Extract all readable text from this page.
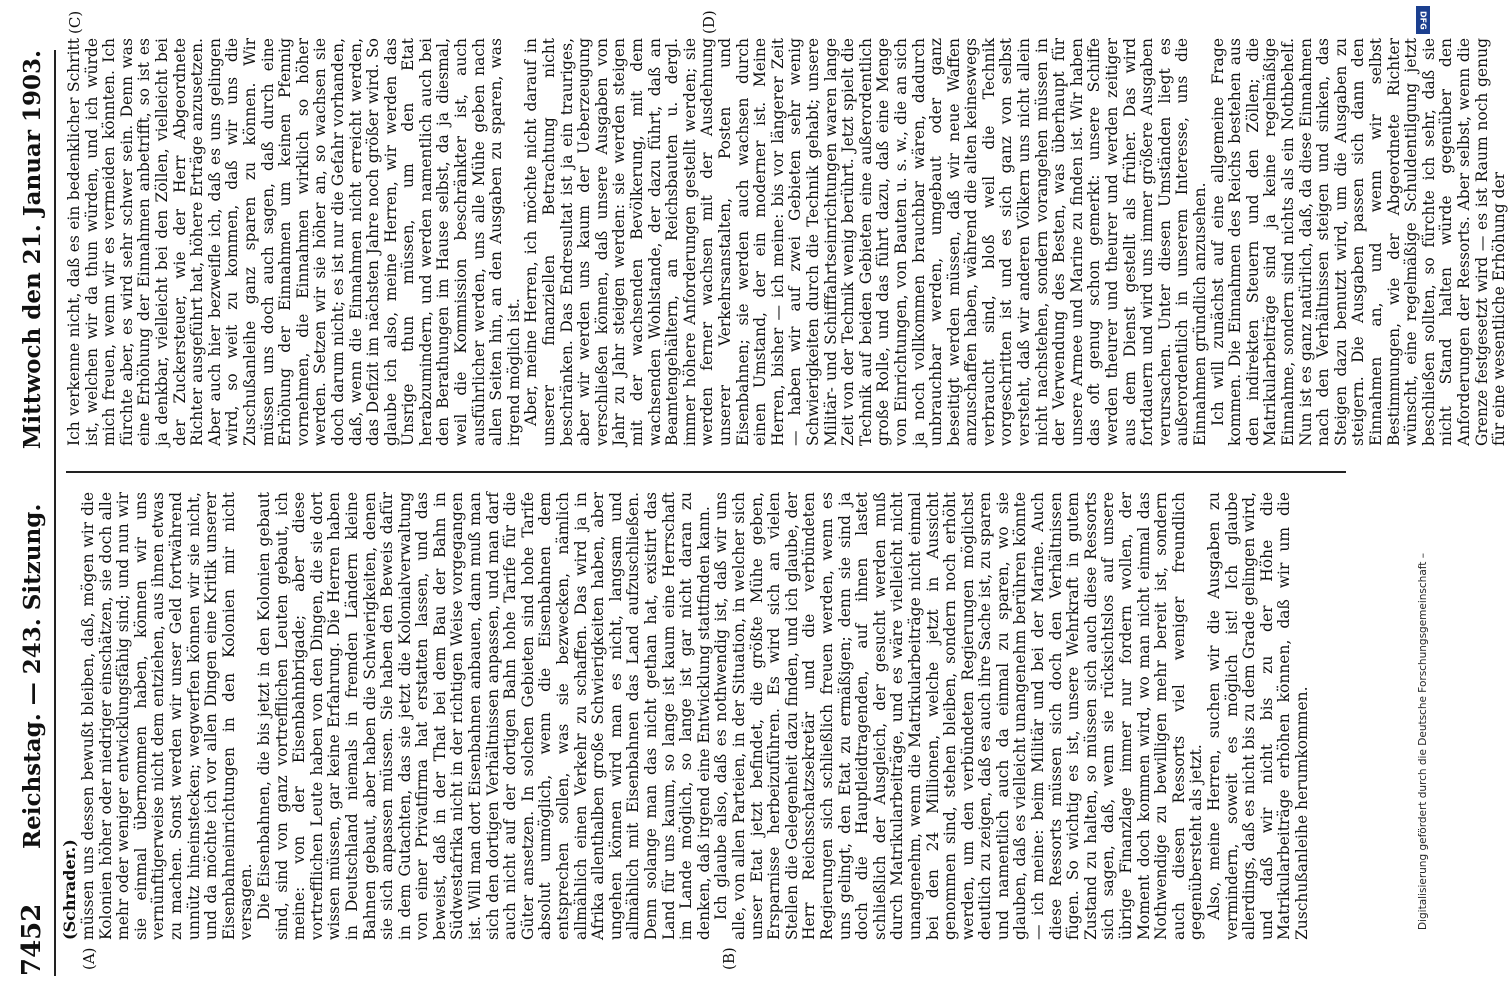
7452
Reichstag. — 243. Sitzung.
Mittwoch den 21. Januar 1903.
(Schrader.)
(A)	(B)
(C)	(D)

müssen uns dessen bewußt bleiben, daß, mögen wir die Kolonien höher oder niedriger einschätzen, sie doch alle mehr oder weniger entwicklungsfähig sind; und nun wir sie einmal übernommen haben, können wir uns vernünftigerweise nicht dem entziehen, aus ihnen etwas zu machen. Sonst werden wir unser Geld fortwährend unnütz hineinstecken; wegwerfen können wir sie nicht, und da möchte ich vor allen Dingen eine Kritik unserer Eisenbahneinrichtungen in den Kolonien mir nicht versagen. Die Eisenbahnen, die bis jetzt in den Kolonien gebaut sind, sind von ganz vortrefflichen Leuten gebaut, ich meine: von der Eisenbahnbrigade; aber diese vortrefflichen Leute haben von den Dingen, die sie dort wissen müssen, gar keine Erfahrung. Die Herren haben in Deutschland niemals in fremden Ländern kleine Bahnen gebaut, aber haben die Schwierigkeiten, denen sie sich anpassen müssen. Sie haben den Beweis dafür in dem Gutachten, das sie jetzt die Kolonialverwaltung von einer Privatfirma hat erstatten lassen, und das beweist, daß in der That bei dem Bau der Bahn in Südwestafrika nicht in der richtigen Weise vorgegangen ist. Will man dort Eisenbahnen anbauen, dann muß man sich den dortigen Verhältnissen anpassen, und man darf auch nicht auf der dortigen Bahn hohe Tarife für die Güter ansetzen. In solchen Gebieten sind hohe Tarife absolut unmöglich, wenn die Eisenbahnen dem entsprechen sollen, was sie bezwecken, nämlich allmählich einen Verkehr zu schaffen. Das wird ja in Afrika allenthalben große Schwierigkeiten haben, aber ungehen können wird man es nicht, langsam und allmählich mit Eisenbahnen das Land aufzuschließen. Denn solange man das nicht gethan hat, existirt das Land für uns kaum, so lange ist kaum eine Herrschaft im Lande möglich, so lange ist gar nicht daran zu denken, daß irgend eine Entwicklung stattfinden kann. Ich glaube also, daß es nothwendig ist, daß wir uns alle, von allen Parteien, in der Situation, in welcher sich unser Etat jetzt befindet, die größte Mühe geben, Ersparnisse herbeizuführen. Es wird sich an vielen Stellen die Gelegenheit dazu finden, und ich glaube, der Herr Reichsschatzsekretär und die verbündeten Regierungen sich schließlich freuen werden, wenn es uns gelingt, den Etat zu ermäßigen; denn sie sind ja doch die Hauptleidtragenden, auf ihnen lastet schließlich der Ausgleich, der gesucht werden muß durch Matrikularbeiträge, und es wäre vielleicht nicht unangenehm, wenn die Matrikularbeiträge nicht einmal bei den 24 Millionen, welche jetzt in Aussicht genommen sind, stehen bleiben, sondern noch erhöht werden, um den verbündeten Regierungen möglichst deutlich zu zeigen, daß es auch ihre Sache ist, zu sparen und namentlich auch da einmal zu sparen, wo sie glauben, daß es vielleicht unangenehm berühren könnte — ich meine: beim Militär und bei der Marine. Auch diese Ressorts müssen sich doch den Verhältnissen fügen. So wichtig es ist, unsere Wehrkraft in gutem Zustand zu halten, so müssen sich auch diese Ressorts sich sagen, daß, wenn sie rücksichtslos auf unsere übrige Finanzlage immer nur fordern wollen, der Moment doch kommen wird, wo man nicht einmal das Nothwendige zu bewilligen mehr bereit ist, sondern auch diesen Ressorts viel weniger freundlich gegenübersteht als jetzt. Also, meine Herren, suchen wir die Ausgaben zu vermindern, soweit es möglich ist! Ich glaube allerdings, daß es nicht bis zu dem Grade gelingen wird, und daß wir nicht bis zu der Höhe die Matrikularbeiträge erhöhen können, daß wir um die Zuschußanleihe herumkommen.

Ich verkenne nicht, daß es ein bedenklicher Schritt ist, welchen wir da thun würden, und ich würde mich freuen, wenn wir es vermeiden könnten. Ich fürchte aber, es wird sehr schwer sein. Denn was eine Erhöhung der Einnahmen anbetrifft, so ist es ja denkbar, vielleicht bei den Zöllen, vielleicht bei der Zuckersteuer, wie der Herr Abgeordnete Richter ausgeführt hat, höhere Erträge anzusetzen. Aber auch hier bezweifle ich, daß es uns gelingen wird, so weit zu kommen, daß wir uns die Zuschußanleihe ganz sparen zu können. Wir müssen uns doch auch sagen, daß durch eine Erhöhung der Einnahmen um keinen Pfennig vornehmen, die Einnahmen wirklich so höher werden. Setzen wir sie höher an, so wachsen sie doch darum nicht; es ist nur die Gefahr vorhanden, daß, wenn die Einnahmen nicht erreicht werden, das Defizit im nächsten Jahre noch größer wird. So glaube ich also, meine Herren, wir werden das Unsrige thun müssen, um den Etat herabzumindern, und werden namentlich auch bei den Berathungen im Hause selbst, da ja diesmal, weil die Kommission beschränkter ist, auch ausführlicher werden, uns alle Mühe geben nach allen Seiten hin, an den Ausgaben zu sparen, was irgend möglich ist. Aber, meine Herren, ich möchte nicht darauf in unserer finanziellen Betrachtung nicht beschränken. Das Endresultat ist ja ein trauriges, aber wir werden uns kaum der Ueberzeugung verschließen können, daß unsere Ausgaben von Jahr zu Jahr steigen werden: sie werden steigen mit der wachsenden Bevölkerung, mit dem wachsenden Wohlstande, der dazu führt, daß an Beamtengehältern, an Reichsbauten u. dergl. immer höhere Anforderungen gestellt werden; sie werden ferner wachsen mit der Ausdehnung unserer Verkehrsanstalten, Posten und Eisenbahnen; sie werden auch wachsen durch einen Umstand, der ein moderner ist. Meine Herren, bisher — ich meine: bis vor längerer Zeit — haben wir auf zwei Gebieten sehr wenig Schwierigkeiten durch die Technik gehabt; unsere Militär- und Schifffahrtseinrichtungen waren lange Zeit von der Technik wenig berührt. Jetzt spielt die Technik auf beiden Gebieten eine außerordentlich große Rolle, und das führt dazu, daß eine Menge von Einrichtungen, von Bauten u. s. w., die an sich ja noch vollkommen brauchbar wären, dadurch unbrauchbar werden, umgebaut oder ganz beseitigt werden müssen, daß wir neue Waffen anzuschaffen haben, während die alten keineswegs verbraucht sind, bloß weil die Technik vorgeschritten ist und es sich ganz von selbst versteht, daß wir anderen Völkern uns nicht allein nicht nachstehen, sondern vorangehen müssen in der Verwendung des Besten, was überhaupt für unsere Armee und Marine zu finden ist. Wir haben das oft genug schon gemerkt: unsere Schiffe werden theurer und theurer und werden zeitiger aus dem Dienst gestellt als früher. Das wird fortdauern und wird uns immer größere Ausgaben verursachen. Unter diesen Umständen liegt es außerordentlich in unserem Interesse, uns die Einnahmen gründlich anzusehen. Ich will zunächst auf eine allgemeine Frage kommen. Die Einnahmen des Reichs bestehen aus den indirekten Steuern und den Zöllen; die Matrikularbeiträge sind ja keine regelmäßige Einnahme, sondern sind nichts als ein Nothbehelf. Nun ist es ganz natürlich, daß, da diese Einnahmen nach den Verhältnissen steigen und sinken, das Steigen dazu benutzt wird, um die Ausgaben zu steigern. Die Ausgaben passen sich dann den Einnahmen an, und wenn wir selbst Bestimmungen, wie der Abgeordnete Richter wünscht, eine regelmäßige Schuldentilgung jetzt beschließen sollten, so fürchte ich sehr, daß sie nicht Stand halten würde gegenüber den Anforderungen der Ressorts. Aber selbst, wenn die Grenze festgesetzt wird — es ist Raum noch genug für eine wesentliche Erhöhung der

DFG
Digitalisierung gefördert durch die Deutsche Forschungsgemeinschaft –
